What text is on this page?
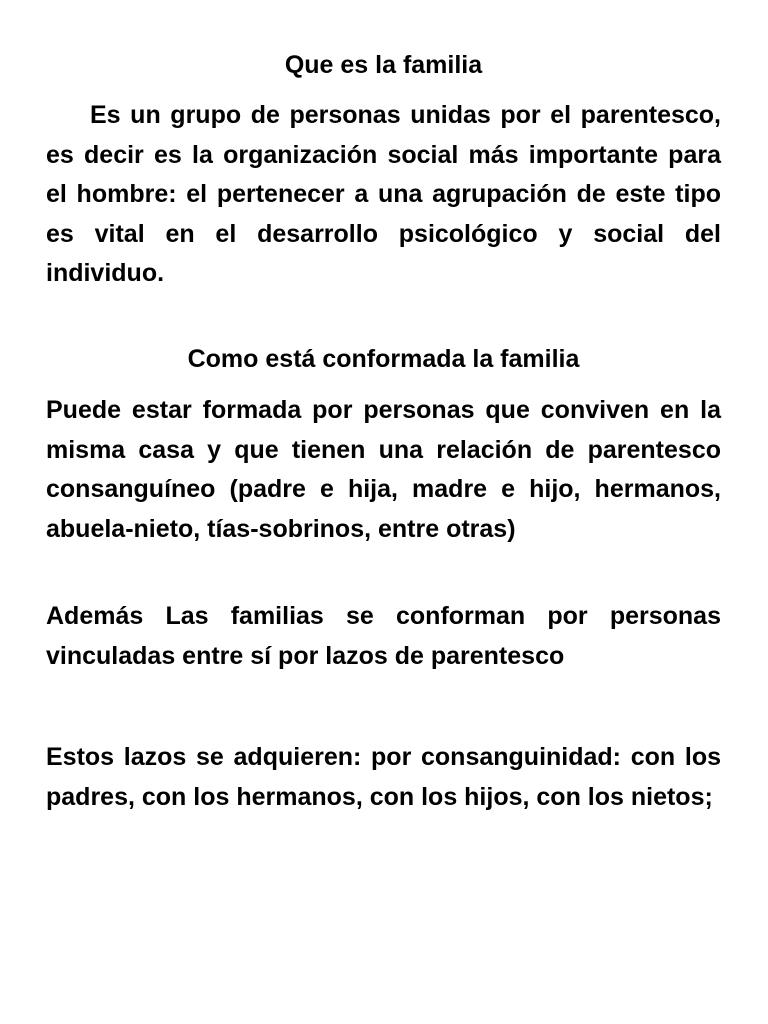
Que es la familia

Es un grupo de personas unidas por el parentesco, es decir es la organización social más importante para el hombre: el pertenecer a una agrupación de este tipo es vital en el desarrollo psicológico y social del individuo.

Como está conformada la familia

Puede estar formada por personas que conviven en la misma casa y que tienen una relación de parentesco consanguíneo (padre e hija, madre e hijo, hermanos, abuela-nieto, tías-sobrinos, entre otras)

Además Las familias se conforman por personas vinculadas entre sí por lazos de parentesco

Estos lazos se adquieren: por consanguinidad: con los padres, con los hermanos, con los hijos, con los nietos;
